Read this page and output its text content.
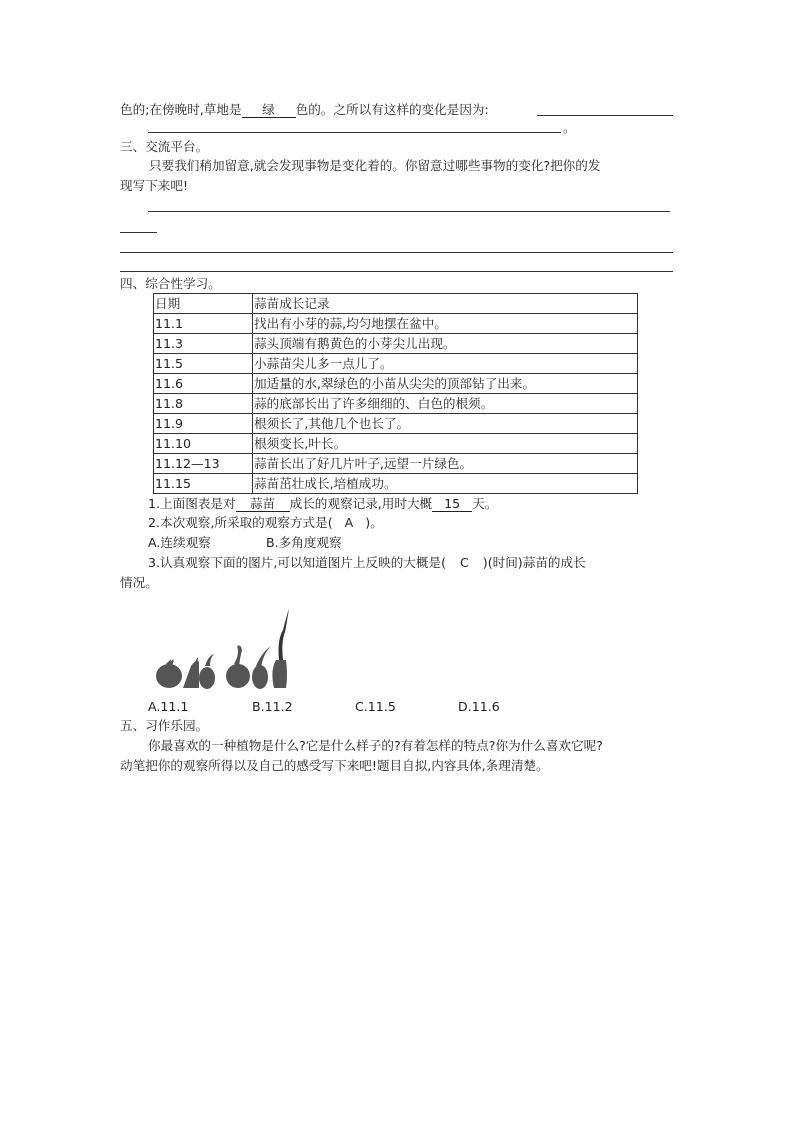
色的;在傍晚时,草地是 绿 色的。之所以有这样的变化是因为:
。
三、交流平台。
只要我们稍加留意,就会发现事物是变化着的。你留意过哪些事物的变化?把你的发
现写下来吧!
四、综合性学习。
日期	蒜苗成长记录
11.1	找出有小芽的蒜,均匀地摆在盆中。
11.3	蒜头顶端有鹅黄色的小芽尖儿出现。
11.5	小蒜苗尖儿多一点儿了。
11.6	加适量的水,翠绿色的小苗从尖尖的顶部钻了出来。
11.8	蒜的底部长出了许多细细的、白色的根须。
11.9	根须长了,其他几个也长了。
11.10	根须变长,叶长。
11.12—13	蒜苗长出了好几片叶子,远望一片绿色。
11.15	蒜苗茁壮成长,培植成功。
1.上面图表是对 蒜苗 成长的观察记录,用时大概 15 天。
2.本次观察,所采取的观察方式是( A )。
A.连续观察	B.多角度观察
3.认真观察下面的图片,可以知道图片上反映的大概是( C )(时间)蒜苗的成长
情况。
A.11.1	B.11.2	C.11.5	D.11.6
五、习作乐园。
你最喜欢的一种植物是什么?它是什么样子的?有着怎样的特点?你为什么喜欢它呢?
动笔把你的观察所得以及自己的感受写下来吧!题目自拟,内容具体,条理清楚。
